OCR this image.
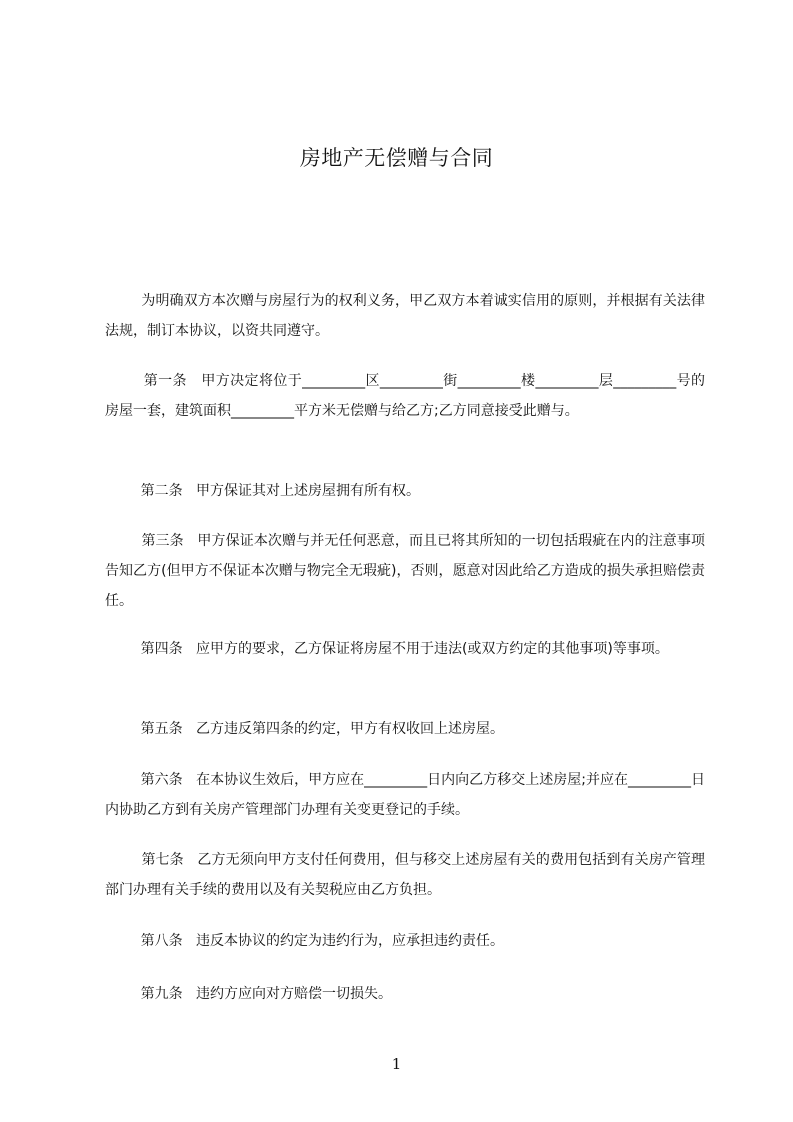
房地产无偿赠与合同
为明确双方本次赠与房屋行为的权利义务，甲乙双方本着诚实信用的原则，并根据有关法律法规，制订本协议，以资共同遵守。
第一条   甲方决定将位于_________区_________街_________楼_________层_________号的房屋一套，建筑面积_________平方米无偿赠与给乙方;乙方同意接受此赠与。
第二条   甲方保证其对上述房屋拥有所有权。
第三条   甲方保证本次赠与并无任何恶意，而且已将其所知的一切包括瑕疵在内的注意事项告知乙方(但甲方不保证本次赠与物完全无瑕疵)，否则，愿意对因此给乙方造成的损失承担赔偿责任。
第四条   应甲方的要求，乙方保证将房屋不用于违法(或双方约定的其他事项)等事项。
第五条   乙方违反第四条的约定，甲方有权收回上述房屋。
第六条   在本协议生效后，甲方应在_________日内向乙方移交上述房屋;并应在_________日内协助乙方到有关房产管理部门办理有关变更登记的手续。
第七条   乙方无须向甲方支付任何费用，但与移交上述房屋有关的费用包括到有关房产管理部门办理有关手续的费用以及有关契税应由乙方负担。
第八条   违反本协议的约定为违约行为，应承担违约责任。
第九条   违约方应向对方赔偿一切损失。
1
